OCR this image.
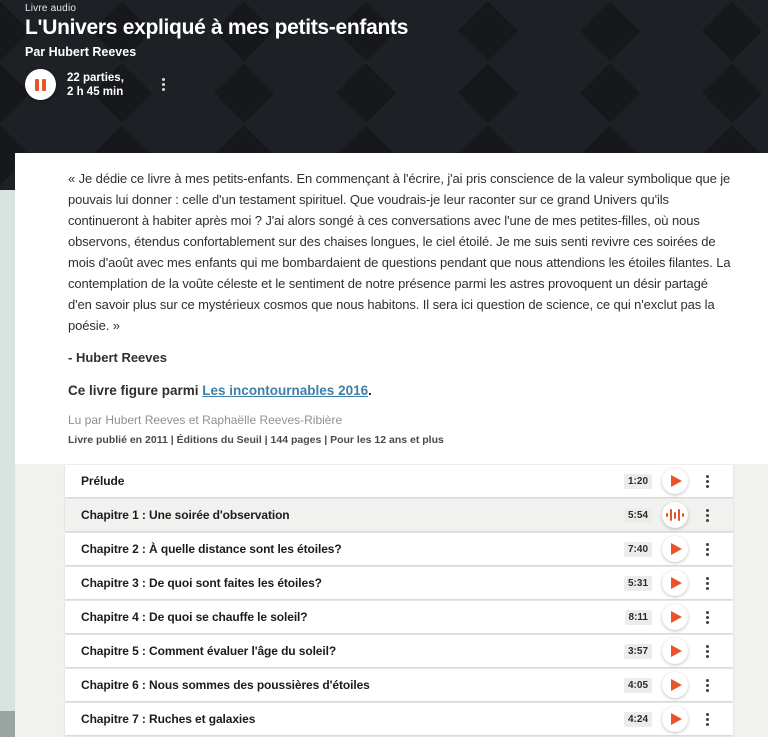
Livre audio
L'Univers expliqué à mes petits-enfants
Par Hubert Reeves
22 parties,
2 h 45 min

« Je dédie ce livre à mes petits-enfants. En commençant à l'écrire, j'ai pris conscience de la valeur symbolique que je pouvais lui donner : celle d'un testament spirituel. Que voudrais-je leur raconter sur ce grand Univers qu'ils continueront à habiter après moi ? J'ai alors songé à ces conversations avec l'une de mes petites-filles, où nous observons, étendus confortablement sur des chaises longues, le ciel étoilé. Je me suis senti revivre ces soirées de mois d'août avec mes enfants qui me bombardaient de questions pendant que nous attendions les étoiles filantes. La contemplation de la voûte céleste et le sentiment de notre présence parmi les astres provoquent un désir partagé d'en savoir plus sur ce mystérieux cosmos que nous habitons. Il sera ici question de science, ce qui n'exclut pas la poésie. »

- Hubert Reeves

Ce livre figure parmi Les incontournables 2016.

Lu par Hubert Reeves et Raphaëlle Reeves-Ribière

Livre publié en 2011 | Éditions du Seuil | 144 pages | Pour les 12 ans et plus

Prélude	1:20
Chapitre 1 : Une soirée d'observation	5:54
Chapitre 2 : À quelle distance sont les étoiles?	7:40
Chapitre 3 : De quoi sont faites les étoiles?	5:31
Chapitre 4 : De quoi se chauffe le soleil?	8:11
Chapitre 5 : Comment évaluer l'âge du soleil?	3:57
Chapitre 6 : Nous sommes des poussières d'étoiles	4:05
Chapitre 7 : Ruches et galaxies	4:24
